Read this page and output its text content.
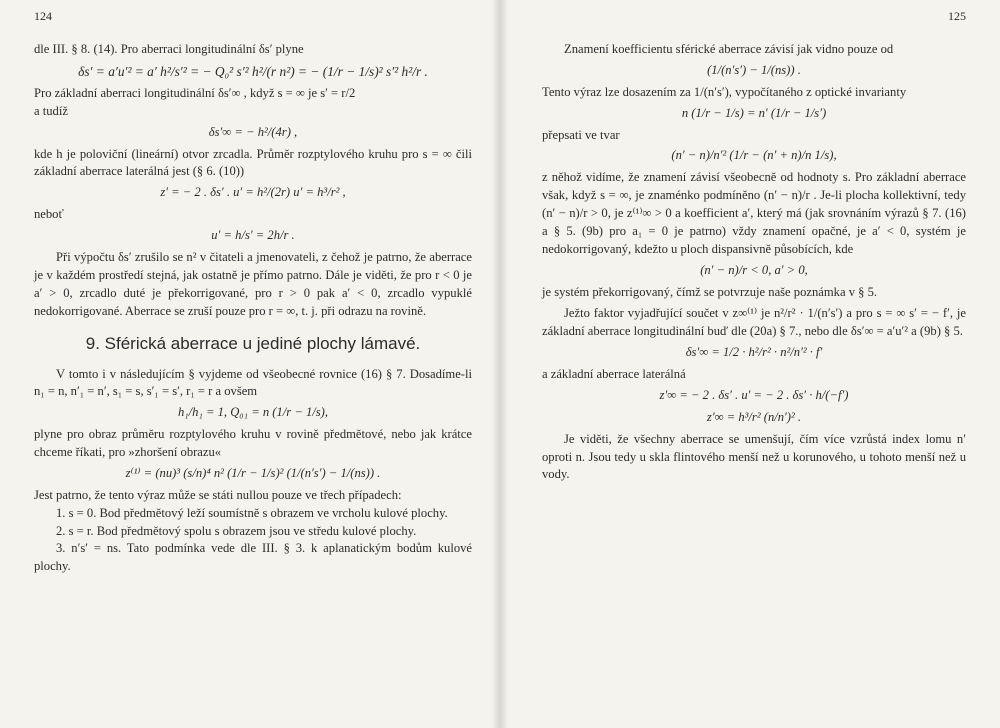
124

dle III. § 8. (14). Pro aberraci longitudinální δs′ plyne

δs′ = a′u′² = a′ h²/s′² = − Q₀² s′² h²/(r n²) = − (1/r − 1/s)² s′² h²/r .

Pro základní aberraci longitudinální δs′∞ , když s = ∞ je s′ = r/2

a tudíž

δs′∞ = − h²/(4r) ,

kde h je poloviční (lineární) otvor zrcadla. Průměr rozptylového kruhu pro s = ∞ čili základní aberrace laterálná jest (§ 6. (10))

z′ = − 2 . δs′ . u′ = h²/(2r) u′ = h³/r² ,

neboť

u′ = h/s′ = 2h/r .

Při výpočtu δs′ zrušilo se n² v čitateli a jmenovateli, z čehož je patrno, že aberrace je v každém prostředí stejná, jak ostatně je přímo patrno. Dále je viděti, že pro r < 0 je a′ > 0, zrcadlo duté je překorrigované, pro r > 0 pak a′ < 0, zrcadlo vypuklé nedokorrigované. Aberrace se zruší pouze pro r = ∞, t. j. při odrazu na rovině.

9. Sférická aberrace u jediné plochy lámavé.

V tomto i v následujícím § vyjdeme od všeobecné rovnice (16) § 7. Dosadíme-li n₁ = n, n′₁ = n′, s₁ = s, s′₁ = s′, r₁ = r a ovšem

h₁/h₁ = 1, Q₀₁ = n (1/r − 1/s),

plyne pro obraz průměru rozptylového kruhu v rovině předmětové, nebo jak krátce chceme říkati, pro »zhoršení obrazu«

z⁽¹⁾ = (nu)³ (s/n)⁴ n² (1/r − 1/s)² (1/(n′s′) − 1/(ns)) .

Jest patrno, že tento výraz může se státi nullou pouze ve třech případech:

1. s = 0. Bod předmětový leží soumístně s obrazem ve vrcholu kulové plochy.

2. s = r. Bod předmětový spolu s obrazem jsou ve středu kulové plochy.

3. n′s′ = ns. Tato podmínka vede dle III. § 3. k aplanatickým bodům kulové plochy.

125

Znamení koefficientu sférické aberrace závisí jak vidno pouze od

(1/(n′s′) − 1/(ns)) .

Tento výraz lze dosazením za 1/(n′s′), vypočítaného z optické invarianty

n (1/r − 1/s) = n′ (1/r − 1/s′)

přepsati ve tvar

(n′ − n)/n′² (1/r − (n′ + n)/n 1/s),

z něhož vidíme, že znamení závisí všeobecně od hodnoty s. Pro základní aberrace však, když s = ∞, je znaménko podmíněno (n′ − n)/r . Je-li plocha kollektivní, tedy (n′ − n)/r > 0, je z⁽¹⁾∞ > 0 a koefficient a′, který má (jak srovnáním výrazů § 7. (16) a § 5. (9b) pro a₁ = 0 je patrno) vždy znamení opačné, je a′ < 0, systém je nedokorrigovaný, kdežto u ploch dispansivně působících, kde

(n′ − n)/r < 0, a′ > 0,

je systém překorrigovaný, čímž se potvrzuje naše poznámka v § 5.

Ježto faktor vyjadřující součet v z∞⁽¹⁾ je n²/r² · 1/(n′s′) a pro s = ∞ s′ = − f′, je základní aberrace longitudinální buď dle (20a) § 7., nebo dle δs′∞ = a′u′² a (9b) § 5.

δs′∞ = 1/2 · h²/r² · n²/n′² · f′

a základní aberrace laterálná

z′∞ = − 2 . δs′ . u′ = − 2 . δs′ · h/(−f′)
z′∞ = h³/r² (n/n′)² .

Je viděti, že všechny aberrace se umenšují, čím více vzrůstá index lomu n′ oproti n. Jsou tedy u skla flintového menší než u korunového, u tohoto menší než u vody.
